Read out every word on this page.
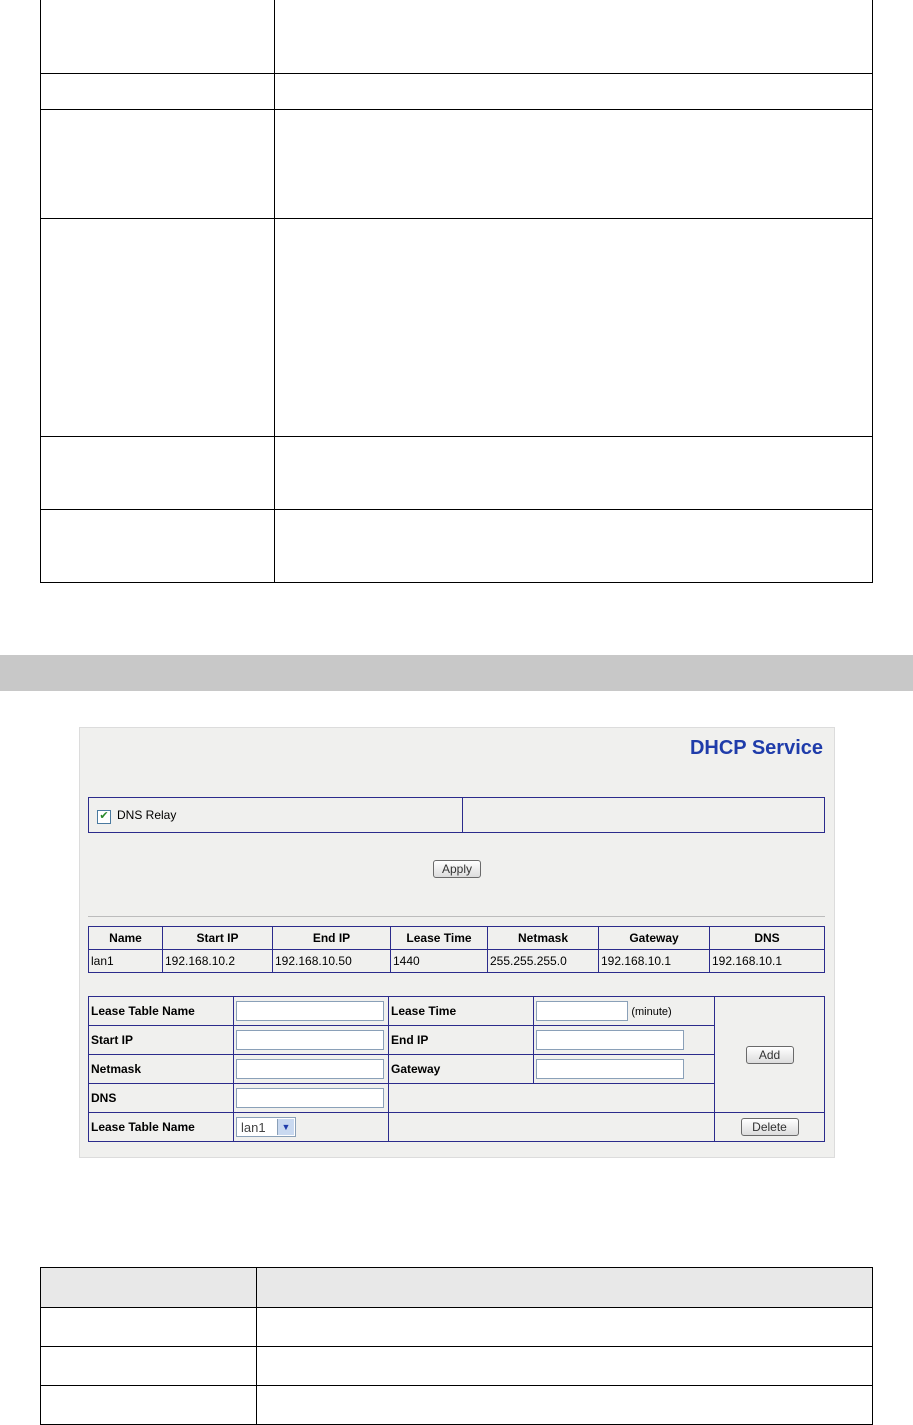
DHCP Service
✔ DNS Relay
Apply
Name	Start IP	End IP	Lease Time	Netmask	Gateway	DNS
lan1	192.168.10.2	192.168.10.50	1440	255.255.255.0	192.168.10.1	192.168.10.1
Lease Table Name		Lease Time	(minute)	Add
Start IP		End IP	
Netmask		Gateway	
DNS		
Lease Table Name	lan1 ▼			Delete
